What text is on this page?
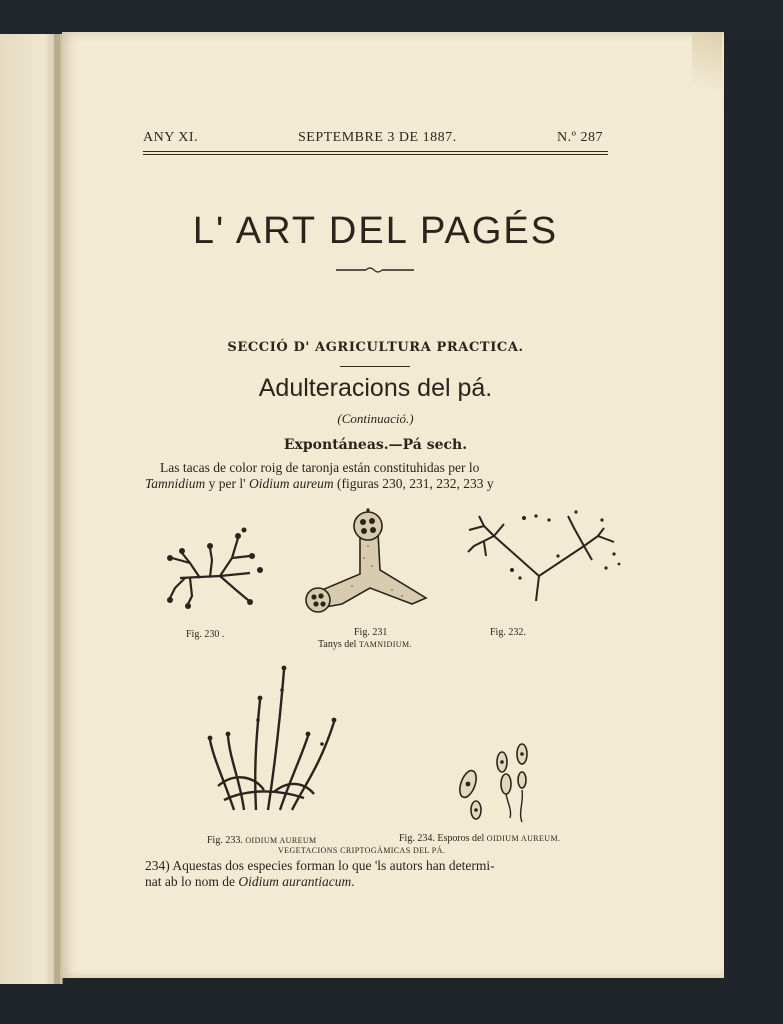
ANY XI.	SEPTEMBRE 3 DE 1887.	N.º 287
L' ART DEL PAGÉS
SECCIÓ D' AGRICULTURA PRACTICA.
Adulteracions del pá.
(Continuació.)
Expontáneas.—Pá sech.
Las tacas de color roig de taronja están constituhidas per lo
Tamnidium y per l' Oidium aureum (figuras 230, 231, 232, 233 y
Fig. 230 .	Fig. 231
Tanys del TAMNIDIUM.
Fig. 232.
Fig. 233. OIDIUM AUREUM	Fig. 234. Esporos del OIDIUM AUREUM.
VEGETACIONS CRIPTOGÁMICAS DEL PÁ.
234) Aquestas dos especies forman lo que 'ls autors han determi-
nat ab lo nom de Oidium aurantiacum.
